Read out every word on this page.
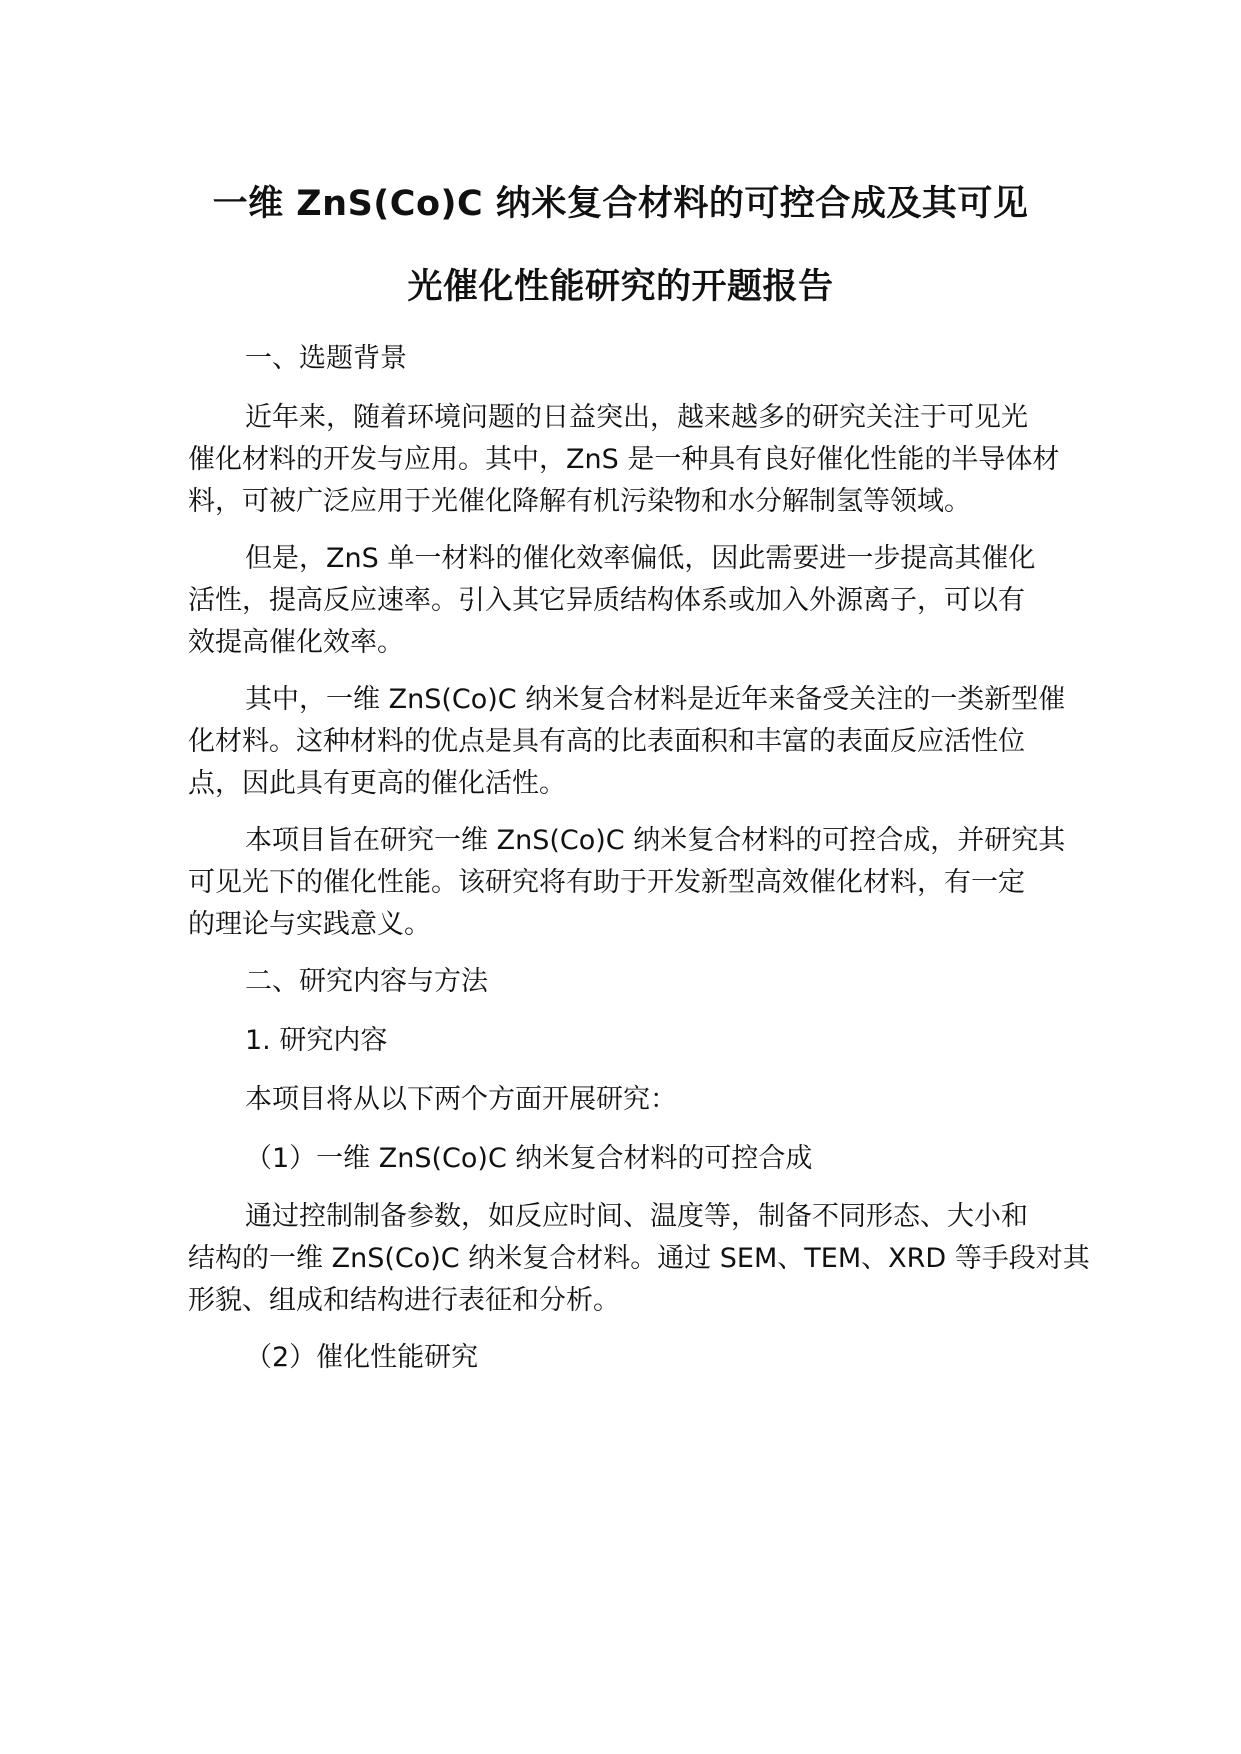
一维 ZnS(Co)C 纳米复合材料的可控合成及其可见
光催化性能研究的开题报告
一、选题背景
近年来，随着环境问题的日益突出，越来越多的研究关注于可见光
催化材料的开发与应用。其中，ZnS 是一种具有良好催化性能的半导体材
料，可被广泛应用于光催化降解有机污染物和水分解制氢等领域。
但是，ZnS 单一材料的催化效率偏低，因此需要进一步提高其催化
活性，提高反应速率。引入其它异质结构体系或加入外源离子，可以有
效提高催化效率。
其中，一维 ZnS(Co)C 纳米复合材料是近年来备受关注的一类新型催
化材料。这种材料的优点是具有高的比表面积和丰富的表面反应活性位
点，因此具有更高的催化活性。
本项目旨在研究一维 ZnS(Co)C 纳米复合材料的可控合成，并研究其
可见光下的催化性能。该研究将有助于开发新型高效催化材料，有一定
的理论与实践意义。
二、研究内容与方法
1. 研究内容
本项目将从以下两个方面开展研究：
（1）一维 ZnS(Co)C 纳米复合材料的可控合成
通过控制制备参数，如反应时间、温度等，制备不同形态、大小和
结构的一维 ZnS(Co)C 纳米复合材料。通过 SEM、TEM、XRD 等手段对其
形貌、组成和结构进行表征和分析。
（2）催化性能研究
